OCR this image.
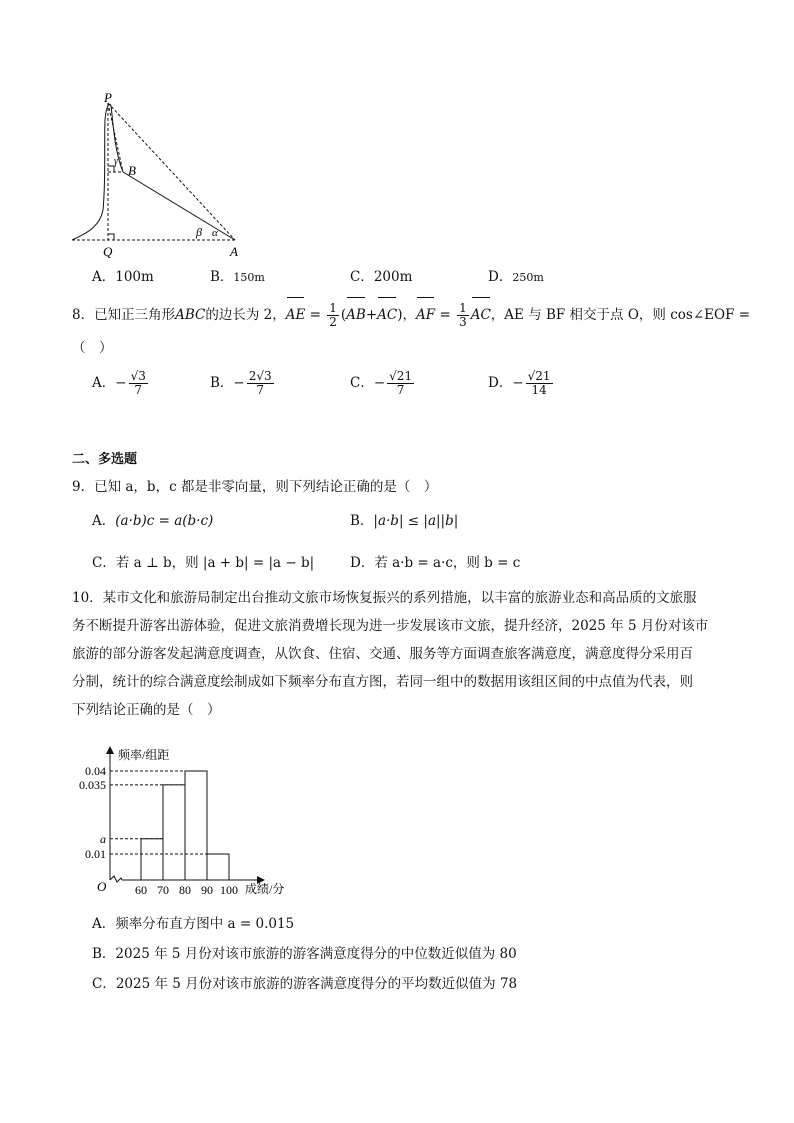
P
B
γ
Q	A
β α
A．100m	B．150m	C．200m	D．250m
8．已知正三角形ABC的边长为 2，AE = $\frac{1}{2} (AB+AC)$，AF = $\frac{1}{3}$ AC，AE 与 BF 相交于点 O，则 cos∠EOF =
（　）
A．− $\frac{√3}{7}$	B．− $\frac{2√3}{7}$	C．− $\frac{√21}{7}$	D．− $\frac{√21}{14}$
二、多选题
9．已知 a，b，c 都是非零向量，则下列结论正确的是（　）
A．(a·b)c = a(b·c)	B．|a·b| ≤ |a||b|
C．若 a ⊥ b，则 |a + b| = |a − b|	D．若 a·b = a·c，则 b = c
10．某市文化和旅游局制定出台推动文旅市场恢复振兴的系列措施，以丰富的旅游业态和高品质的文旅服
务不断提升游客出游体验，促进文旅消费增长现为进一步发展该市文旅，提升经济，2025 年 5 月份对该市
旅游的部分游客发起满意度调查，从饮食、住宿、交通、服务等方面调查旅客满意度，满意度得分采用百
分制，统计的综合满意度绘制成如下频率分布直方图，若同一组中的数据用该组区间的中点值为代表，则
下列结论正确的是（　）
O
频率/组距
成绩/分
0.04
0.035
a
0.01
60 70 80 90 100
A．频率分布直方图中 a = 0.015
B．2025 年 5 月份对该市旅游的游客满意度得分的中位数近似值为 80
C．2025 年 5 月份对该市旅游的游客满意度得分的平均数近似值为 78
